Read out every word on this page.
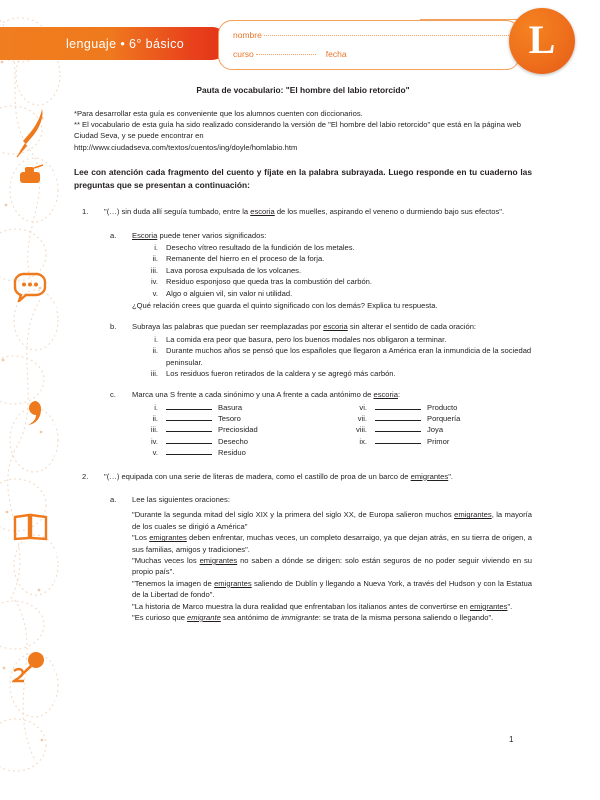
lenguaje • 6° básico
nombre
curso	fecha	L
Pauta de vocabulario: "El hombre del labio retorcido"

*Para desarrollar esta guía es conveniente que los alumnos cuenten con diccionarios.

** El vocabulario de esta guía ha sido realizado considerando la versión de "El hombre del labio retorcido" que está en la página web Ciudad Seva, y se puede encontrar en

http://www.ciudadseva.com/textos/cuentos/ing/doyle/homlabio.htm

Lee con atención cada fragmento del cuento y fíjate en la palabra subrayada. Luego responde en tu cuaderno las preguntas que se presentan a continuación:

1. "(…) sin duda allí seguía tumbado, entre la escoria de los muelles, aspirando el veneno o durmiendo bajo sus efectos".

a. Escoria puede tener varios significados:
i. Desecho vítreo resultado de la fundición de los metales.
ii. Remanente del hierro en el proceso de la forja.
iii. Lava porosa expulsada de los volcanes.
iv. Residuo esponjoso que queda tras la combustión del carbón.
v. Algo o alguien vil, sin valor ni utilidad.

¿Qué relación crees que guarda el quinto significado con los demás? Explica tu respuesta.

b. Subraya las palabras que puedan ser reemplazadas por escoria sin alterar el sentido de cada oración:
i. La comida era peor que basura, pero los buenos modales nos obligaron a terminar.
ii. Durante muchos años se pensó que los españoles que llegaron a América eran la inmundicia de la sociedad peninsular.
iii. Los residuos fueron retirados de la caldera y se agregó más carbón.
c. Marca una S frente a cada sinónimo y una A frente a cada antónimo de escoria:
i.	Basura	vi.	Producto
ii.	Tesoro	vii.	Porquería
iii.	Preciosidad	viii.	Joya
iv.	Desecho	ix.	Primor
v.	Residuo
2. "(…) equipada con una serie de literas de madera, como el castillo de proa de un barco de emigrantes".

a. Lee las siguientes oraciones:

"Durante la segunda mitad del siglo XIX y la primera del siglo XX, de Europa salieron muchos emigrantes, la mayoría de los cuales se dirigió a América"

"Los emigrantes deben enfrentar, muchas veces, un completo desarraigo, ya que dejan atrás, en su tierra de origen, a sus familias, amigos y tradiciones".

"Muchas veces los emigrantes no saben a dónde se dirigen: solo están seguros de no poder seguir viviendo en su propio país".

"Tenemos la imagen de emigrantes saliendo de Dublín y llegando a Nueva York, a través del Hudson y con la Estatua de la Libertad de fondo".

"La historia de Marco muestra la dura realidad que enfrentaban los italianos antes de convertirse en emigrantes".

"Es curioso que emigrante sea antónimo de immigrante: se trata de la misma persona saliendo o llegando".

1
